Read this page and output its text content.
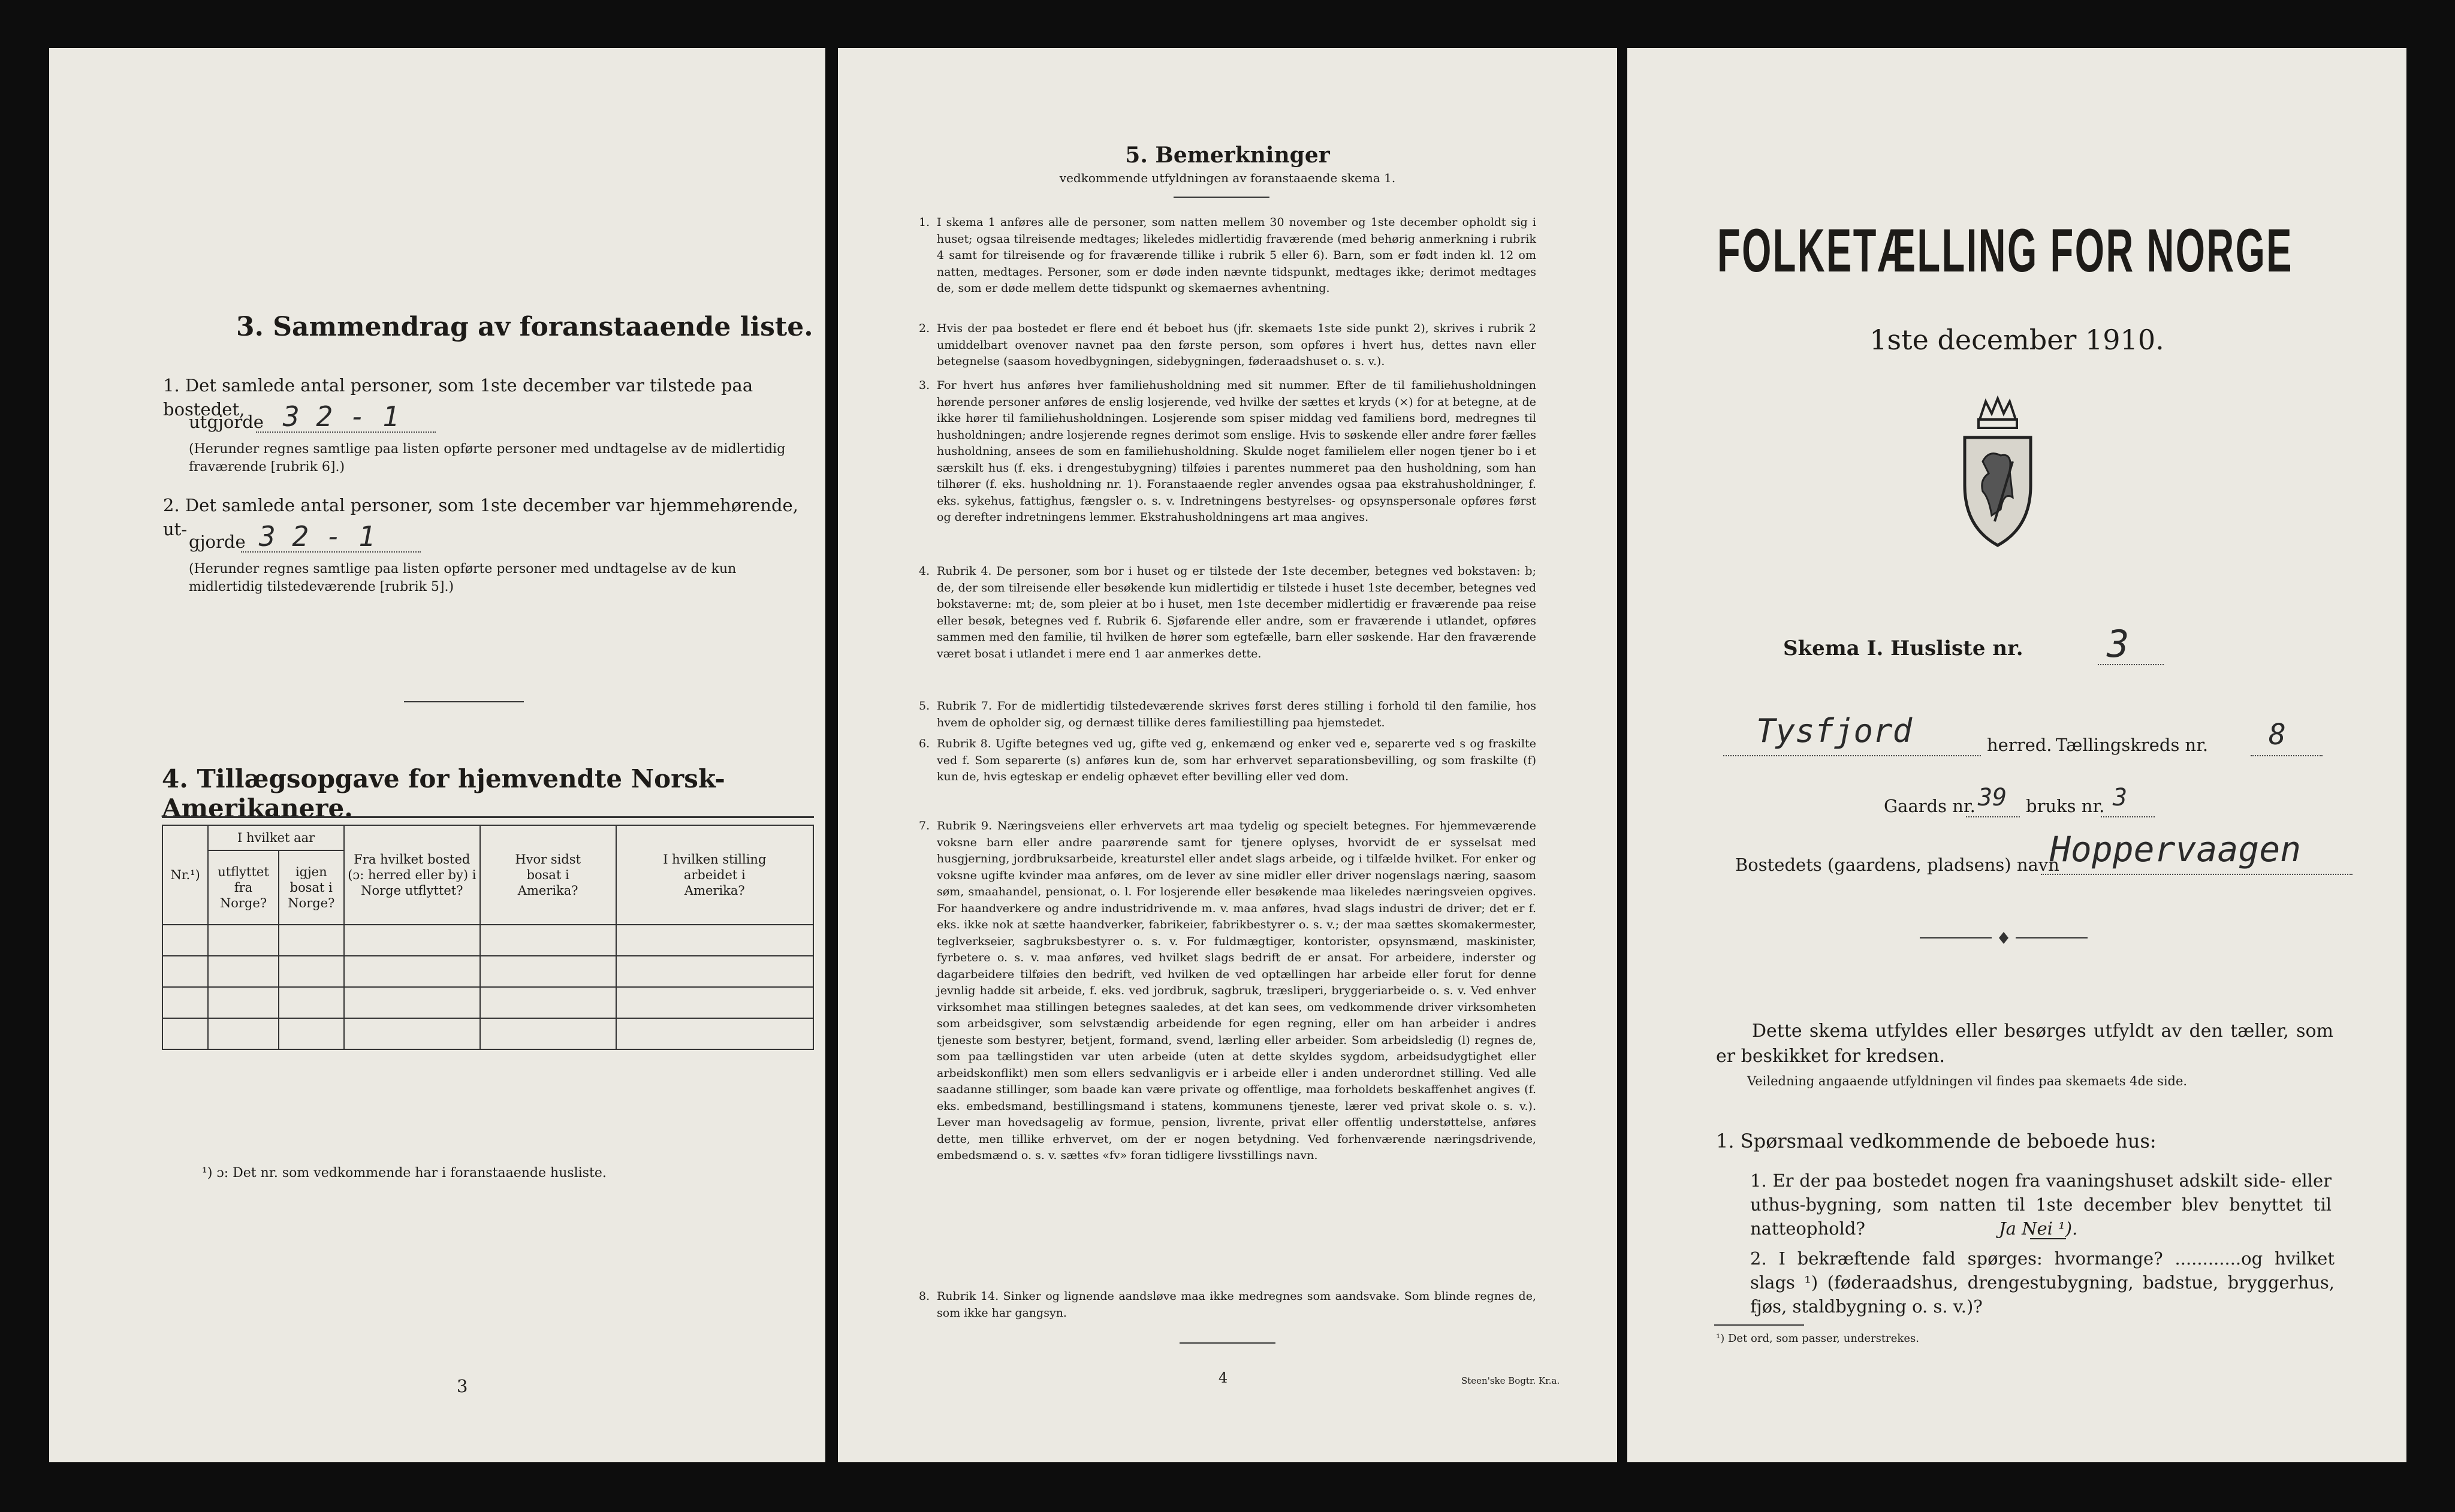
3. Sammendrag av foranstaaende liste.
1. Det samlede antal personer, som 1ste december var tilstede paa bostedet,
utgjorde 3 2 - 1
(Herunder regnes samtlige paa listen opførte personer med undtagelse av de midlertidig fraværende [rubrik 6].)
2. Det samlede antal personer, som 1ste december var hjemmehørende, ut-
gjorde 3 2 - 1
(Herunder regnes samtlige paa listen opførte personer med undtagelse av de kun midlertidig tilstedeværende [rubrik 5].)
4. Tillægsopgave for hjemvendte Norsk-Amerikanere.
Nr.¹)	I hvilket aar		Fra hvilket bosted (ɔ: herred eller by) i Norge utflyttet?	Hvor sidst bosat i Amerika?	I hvilken stilling arbeidet i Amerika?
	utflyttet fra Norge?	igjen bosat i Norge?			

¹) ɔ: Det nr. som vedkommende har i foranstaaende husliste.
3
5. Bemerkninger
vedkommende utfyldningen av foranstaaende skema 1.
1. I skema 1 anføres alle de personer, som natten mellem 30 november og 1ste december opholdt sig i huset; ogsaa tilreisende medtages; likeledes midlertidig fraværende (med behørig anmerkning i rubrik 4 samt for tilreisende og for fraværende tillike i rubrik 5 eller 6). Barn, som er født inden kl. 12 om natten, medtages. Personer, som er døde inden nævnte tidspunkt, medtages ikke; derimot medtages de, som er døde mellem dette tidspunkt og skemaernes avhentning.
2. Hvis der paa bostedet er flere end ét beboet hus (jfr. skemaets 1ste side punkt 2), skrives i rubrik 2 umiddelbart ovenover navnet paa den første person, som opføres i hvert hus, dettes navn eller betegnelse (saasom hovedbygningen, sidebygningen, føderaadshuset o. s. v.).
3. For hvert hus anføres hver familiehusholdning med sit nummer. Efter de til familiehusholdningen hørende personer anføres de enslig losjerende, ved hvilke der sættes et kryds (×) for at betegne, at de ikke hører til familiehusholdningen. Losjerende som spiser middag ved familiens bord, medregnes til husholdningen; andre losjerende regnes derimot som enslige. Hvis to søskende eller andre fører fælles husholdning, ansees de som en familiehusholdning. Skulde noget familielem eller nogen tjener bo i et særskilt hus (f. eks. i drengestubygning) tilføies i parentes nummeret paa den husholdning, som han tilhører (f. eks. husholdning nr. 1). Foranstaaende regler anvendes ogsaa paa ekstrahusholdninger, f. eks. sykehus, fattighus, fængsler o. s. v. Indretningens bestyrelses- og opsynspersonale opføres først og derefter indretningens lemmer. Ekstrahusholdningens art maa angives.
4. Rubrik 4. De personer, som bor i huset og er tilstede der 1ste december, betegnes ved bokstaven: b; de, der som tilreisende eller besøkende kun midlertidig er tilstede i huset 1ste december, betegnes ved bokstaverne: mt; de, som pleier at bo i huset, men 1ste december midlertidig er fraværende paa reise eller besøk, betegnes ved f. Rubrik 6. Sjøfarende eller andre, som er fraværende i utlandet, opføres sammen med den familie, til hvilken de hører som egtefælle, barn eller søskende. Har den fraværende været bosat i utlandet i mere end 1 aar anmerkes dette.
5. Rubrik 7. For de midlertidig tilstedeværende skrives først deres stilling i forhold til den familie, hos hvem de opholder sig, og dernæst tillike deres familiestilling paa hjemstedet.
6. Rubrik 8. Ugifte betegnes ved ug, gifte ved g, enkemænd og enker ved e, separerte ved s og fraskilte ved f. Som separerte (s) anføres kun de, som har erhvervet separationsbevilling, og som fraskilte (f) kun de, hvis egteskap er endelig ophævet efter bevilling eller ved dom.
7. Rubrik 9. Næringsveiens eller erhvervets art maa tydelig og specielt betegnes. For hjemmeværende voksne barn eller andre paarørende samt for tjenere oplyses, hvorvidt de er sysselsat med husgjerning, jordbruksarbeide, kreaturstel eller andet slags arbeide, og i tilfælde hvilket. For enker og voksne ugifte kvinder maa anføres, om de lever av sine midler eller driver nogenslags næring, saasom søm, smaahandel, pensionat, o. l. For losjerende eller besøkende maa likeledes næringsveien opgives. For haandverkere og andre industridrivende m. v. maa anføres, hvad slags industri de driver; det er f. eks. ikke nok at sætte haandverker, fabrikeier, fabrikbestyrer o. s. v.; der maa sættes skomakermester, teglverkseier, sagbruksbestyrer o. s. v. For fuldmægtiger, kontorister, opsynsmænd, maskinister, fyrbetere o. s. v. maa anføres, ved hvilket slags bedrift de er ansat. For arbeidere, inderster og dagarbeidere tilføies den bedrift, ved hvilken de ved optællingen har arbeide eller forut for denne jevnlig hadde sit arbeide, f. eks. ved jordbruk, sagbruk, træsliperi, bryggeriarbeide o. s. v. Ved enhver virksomhet maa stillingen betegnes saaledes, at det kan sees, om vedkommende driver virksomheten som arbeidsgiver, som selvstændig arbeidende for egen regning, eller om han arbeider i andres tjeneste som bestyrer, betjent, formand, svend, lærling eller arbeider. Som arbeidsledig (l) regnes de, som paa tællingstiden var uten arbeide (uten at dette skyldes sygdom, arbeidsudygtighet eller arbeidskonflikt) men som ellers sedvanligvis er i arbeide eller i anden underordnet stilling. Ved alle saadanne stillinger, som baade kan være private og offentlige, maa forholdets beskaffenhet angives (f. eks. embedsmand, bestillingsmand i statens, kommunens tjeneste, lærer ved privat skole o. s. v.). Lever man hovedsagelig av formue, pension, livrente, privat eller offentlig understøttelse, anføres dette, men tillike erhvervet, om der er nogen betydning. Ved forhenværende næringsdrivende, embedsmænd o. s. v. sættes «fv» foran tidligere livsstillings navn.
8. Rubrik 14. Sinker og lignende aandsløve maa ikke medregnes som aandsvake. Som blinde regnes de, som ikke har gangsyn.
4	Steen'ske Bogtr. Kr.a.
FOLKETÆLLING FOR NORGE
1ste december 1910.
Skema I. Husliste nr. 3
Tysfjord	herred. Tællingskreds nr. 8
Gaards nr. 39 bruks nr. 3
Bostedets (gaardens, pladsens) navn
Hoppervaagen
Dette skema utfyldes eller besørges utfyldt av den tæller, som er beskikket for kredsen.
Veiledning angaaende utfyldningen vil findes paa skemaets 4de side.
1. Spørsmaal vedkommende de beboede hus:
1. Er der paa bostedet nogen fra vaaningshuset adskilt side- eller uthus-bygning, som natten til 1ste december blev benyttet til natteophold?	Ja Nei ¹).
2. I bekræftende fald spørges: hvormange? ............og hvilket slags ¹) (føderaadshus, drengestubygning, badstue, bryggerhus, fjøs, staldbygning o. s. v.)?
¹) Det ord, som passer, understrekes.
